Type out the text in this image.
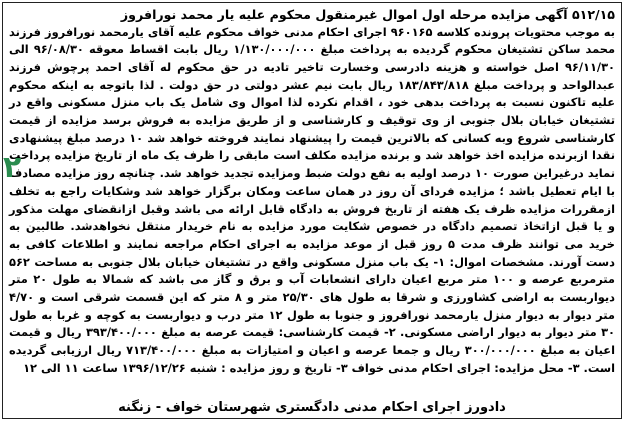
۵۱۲/۱۵ آگهی مزایده مرحله اول اموال غیرمنقول محکوم علیه یار محمد نورافروز

به موجب محتویات پرونده کلاسه ۹۶۰۱۶۵ اجرای احکام مدنی خواف محکوم علیه آقای یارمحمد نورافروز فرزند محمد ساکن تشتیغان محکوم گردیده به پرداخت مبلغ ۱/۱۳۰/۰۰۰/۰۰۰ ریال بابت اقساط معوقه ۹۶/۰۸/۳۰ الی ۹۶/۱۱/۳۰ اصل خواسته و هزینه دادرسی وخسارت تاخیر تادیه در حق محکوم له آقای احمد پرچوش فرزند عبدالواحد و پرداخت مبلغ ۱۸۳/۸۴۳/۸۱۸ ریال بابت نیم عشر دولتی در حق دولت . لذا باتوجه به اینکه محکوم علیه تاکنون نسبت به پرداخت بدهی خود ، اقدام نکرده لذا اموال وی شامل یک باب منزل مسکونی واقع در تشتیغان خیابان بلال جنوبی از وی توقیف و کارشناسی و از طریق مزایده به فروش برسد مزایده از قیمت کارشناسی شروع وبه کسانی که بالاترین قیمت را پیشنهاد نمایند فروخته خواهد شد ۱۰ درصد مبلغ پیشنهادی نقدا ازبرنده مزایده اخذ خواهد شد و برنده مزایده مکلف است مابقی را ظرف یک ماه از تاریخ مزایده پرداخت نماید درغیراین صورت ۱۰ درصد اولیه به نفع دولت ضبط ومزایده تجدید خواهد شد. چنانچه روز مزایده مصادف با ایام تعطیل باشد ؛ مزایده فردای آن روز در همان ساعت ومکان برگزار خواهد شد وشکایات راجع به تخلف ازمقررات مزایده ظرف یک هفته از تاریخ فروش به دادگاه قابل ارائه می باشد وقبل ازانقضای مهلت مذکور و یا قبل ازاتخاذ تصمیم دادگاه در خصوص شکایت مورد مزایده به نام خریدار منتقل نخواهدشد. طالبین به خرید می توانند ظرف مدت ۵ روز قبل از موعد مزایده به اجرای احکام مراجعه نمایند و اطلاعات کافی به دست آورند. مشخصات اموال: ۱- یک باب منزل مسکونی واقع در تشتیغان خیابان بلال جنوبی به مساحت ۵۶۲ مترمربع عرصه و ۱۰۰ متر مربع اعیان دارای انشعابات آب و برق و گاز می باشد که شمالا به طول ۲۰ متر دیواربست به اراضی کشاورزی و شرقا به طول های ۲۵/۳۰ متر و ۸ متر که این قسمت شرقی است و ۴/۷۰ متر دیوار به دیوار منزل یارمحمد نورافروز و جنوبا به طول ۱۲ متر درب و دیواربست به کوچه و غربا به طول ۳۰ متر دیوار به دیوار اراضی مسکونی. ۲- قیمت کارشناسی: قیمت عرصه به مبلغ ۳۹۳/۴۰۰/۰۰۰ ریال و قیمت اعیان به مبلغ ۳۰۰/۰۰۰/۰۰۰ ریال و جمعا عرصه و اعیان و امتیازات به مبلغ ۷۱۳/۴۰۰/۰۰۰ ریال ارزیابی گردیده است. ۳- محل مزایده: اجرای احکام مدنی خواف ۳- تاریخ و روز مزایده : شنبه ۱۳۹۶/۱۲/۲۶ ساعت ۱۱ الی ۱۲

دادورز اجرای احکام مدنی دادگستری شهرستان خواف - زنگنه
۲
